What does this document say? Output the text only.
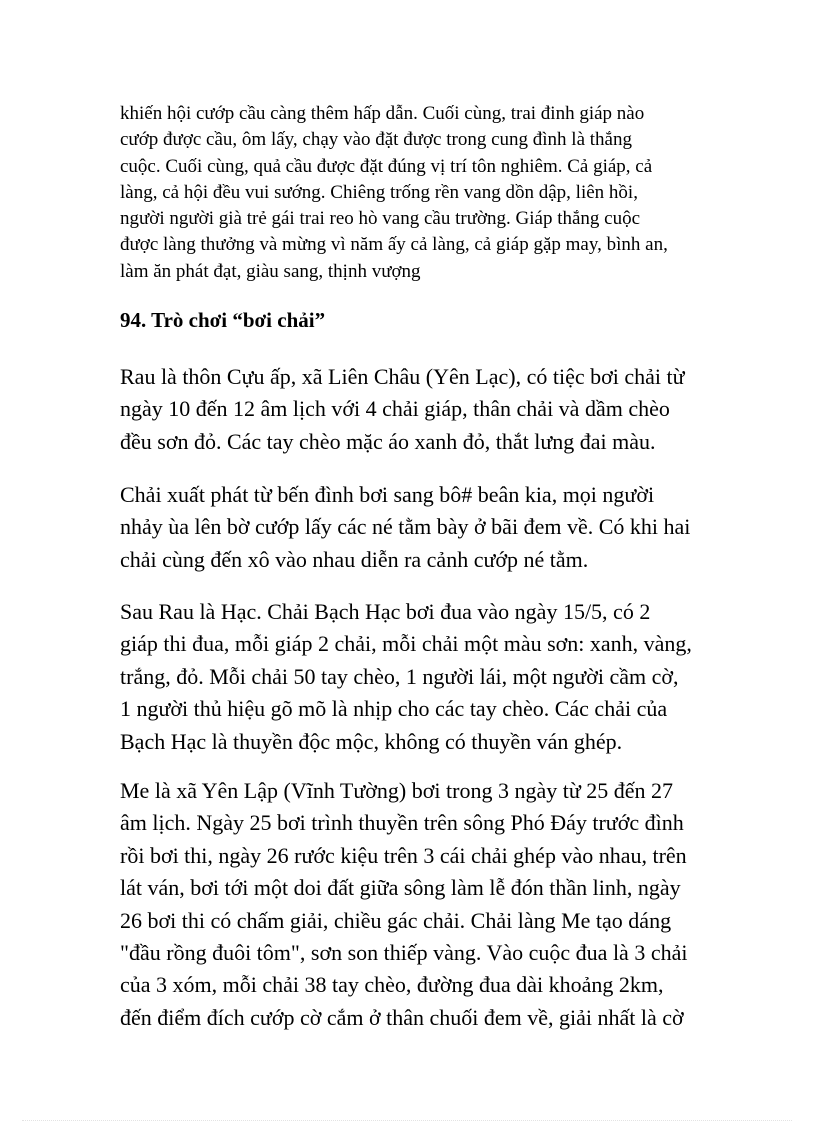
khiến hội cướp cầu càng thêm hấp dẫn. Cuối cùng, trai đinh giáp nào
cướp được cầu, ôm lấy, chạy vào đặt được trong cung đình là thắng
cuộc. Cuối cùng, quả cầu được đặt đúng vị trí tôn nghiêm. Cả giáp, cả
làng, cả hội đều vui sướng. Chiêng trống rền vang dồn dập, liên hồi,
người người già trẻ gái trai reo hò vang cầu trường. Giáp thắng cuộc
được làng thưởng và mừng vì năm ấy cả làng, cả giáp gặp may, bình an,
làm ăn phát đạt, giàu sang, thịnh vượng
94. Trò chơi “bơi chải”
Rau là thôn Cựu ấp, xã Liên Châu (Yên Lạc), có tiệc bơi chải từ
ngày 10 đến 12 âm lịch với 4 chải giáp, thân chải và dầm chèo
đều sơn đỏ. Các tay chèo mặc áo xanh đỏ, thắt lưng đai màu.
Chải xuất phát từ bến đình bơi sang bô# beân kia, mọi người
nhảy ùa lên bờ cướp lấy các né tằm bày ở bãi đem về. Có khi hai
chải cùng đến xô vào nhau diễn ra cảnh cướp né tằm.
Sau Rau là Hạc. Chải Bạch Hạc bơi đua vào ngày 15/5, có 2
giáp thi đua, mỗi giáp 2 chải, mỗi chải một màu sơn: xanh, vàng,
trắng, đỏ. Mỗi chải 50 tay chèo, 1 người lái, một người cầm cờ,
1 người thủ hiệu gõ mõ là nhịp cho các tay chèo. Các chải của
Bạch Hạc là thuyền độc mộc, không có thuyền ván ghép.
Me là xã Yên Lập (Vĩnh Tường) bơi trong 3 ngày từ 25 đến 27
âm lịch. Ngày 25 bơi trình thuyền trên sông Phó Đáy trước đình
rồi bơi thi, ngày 26 rước kiệu trên 3 cái chải ghép vào nhau, trên
lát ván, bơi tới một doi đất giữa sông làm lễ đón thần linh, ngày
26 bơi thi có chấm giải, chiều gác chải. Chải làng Me tạo dáng
"đầu rồng đuôi tôm", sơn son thiếp vàng. Vào cuộc đua là 3 chải
của 3 xóm, mỗi chải 38 tay chèo, đường đua dài khoảng 2km,
đến điểm đích cướp cờ cắm ở thân chuối đem về, giải nhất là cờ
